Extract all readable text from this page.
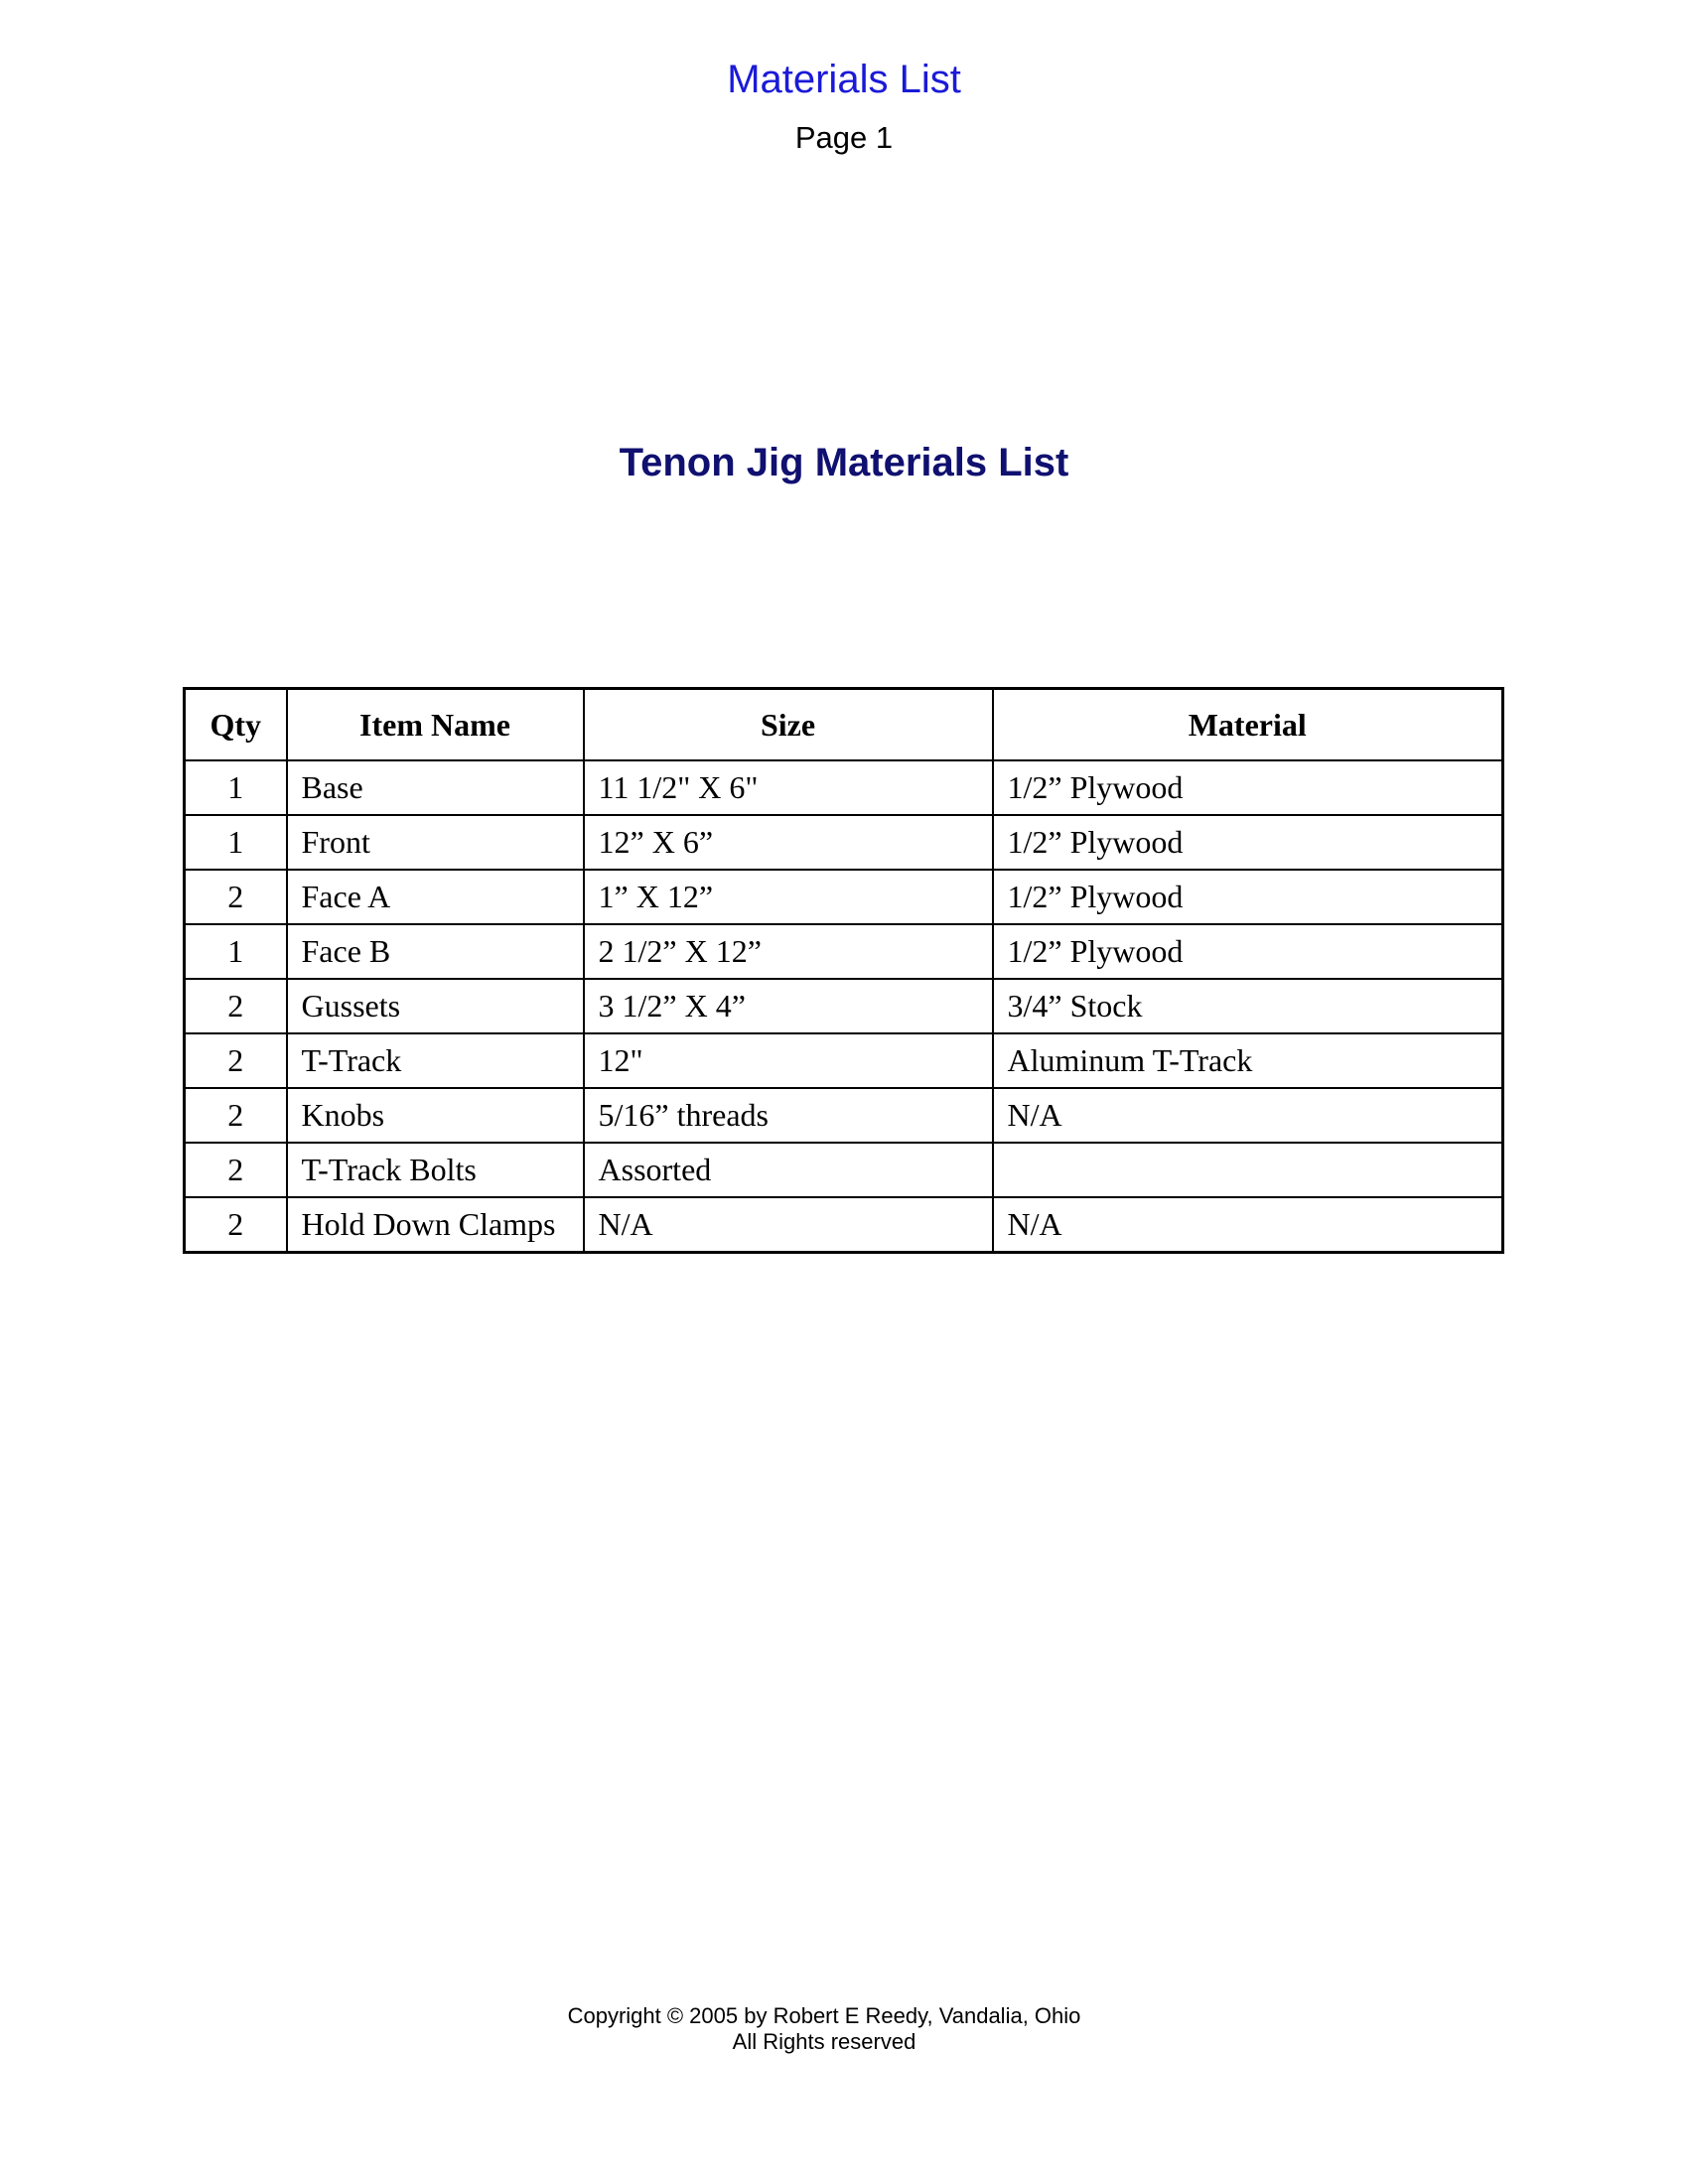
Materials List
Page 1
Tenon Jig Materials List
Qty	Item Name	Size	Material
1	Base	11 1/2" X 6"	1/2” Plywood
1	Front	12” X 6”	1/2” Plywood
2	Face A	1” X 12”	1/2” Plywood
1	Face B	2 1/2” X 12”	1/2” Plywood
2	Gussets	3 1/2” X 4”	3/4” Stock
2	T-Track	12"	Aluminum T-Track
2	Knobs	5/16” threads	N/A
2	T-Track Bolts	Assorted	
2	Hold Down Clamps	N/A	N/A
Copyright © 2005 by Robert E Reedy, Vandalia, Ohio
All Rights reserved
